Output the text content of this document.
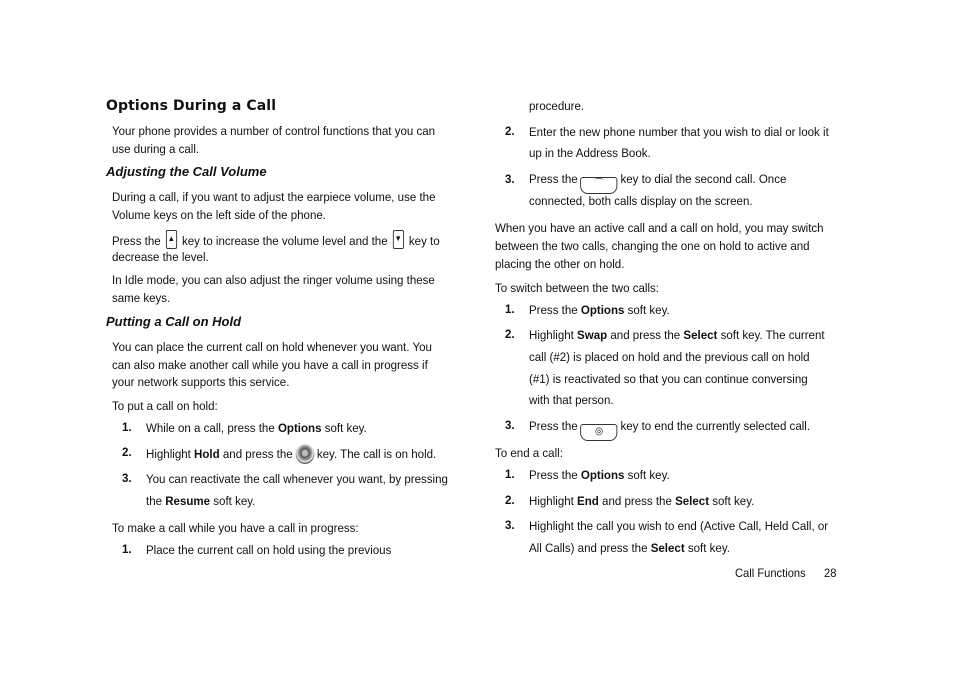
Options During a Call
Your phone provides a number of control functions that you can
use during a call.
Adjusting the Call Volume
During a call, if you want to adjust the earpiece volume, use the
Volume keys on the left side of the phone.
Press the ▲ key to increase the volume level and the ▼ key to
decrease the level.
In Idle mode, you can also adjust the ringer volume using these
same keys.
Putting a Call on Hold
You can place the current call on hold whenever you want. You
can also make another call while you have a call in progress if
your network supports this service.
To put a call on hold:
1. While on a call, press the Options soft key.
2. Highlight Hold and press the key. The call is on hold.
3. You can reactivate the call whenever you want, by pressing
the Resume soft key.
To make a call while you have a call in progress:
1. Place the current call on hold using the previous
procedure.
2. Enter the new phone number that you wish to dial or look it
up in the Address Book.
3. Press the ⌒ key to dial the second call. Once
connected, both calls display on the screen.
When you have an active call and a call on hold, you may switch
between the two calls, changing the one on hold to active and
placing the other on hold.
To switch between the two calls:
1. Press the Options soft key.
2. Highlight Swap and press the Select soft key. The current
call (#2) is placed on hold and the previous call on hold
(#1) is reactivated so that you can continue conversing
with that person.
3. Press the ◎ key to end the currently selected call.
To end a call:
1. Press the Options soft key.
2. Highlight End and press the Select soft key.
3. Highlight the call you wish to end (Active Call, Held Call, or
All Calls) and press the Select soft key.
Call Functions 28
